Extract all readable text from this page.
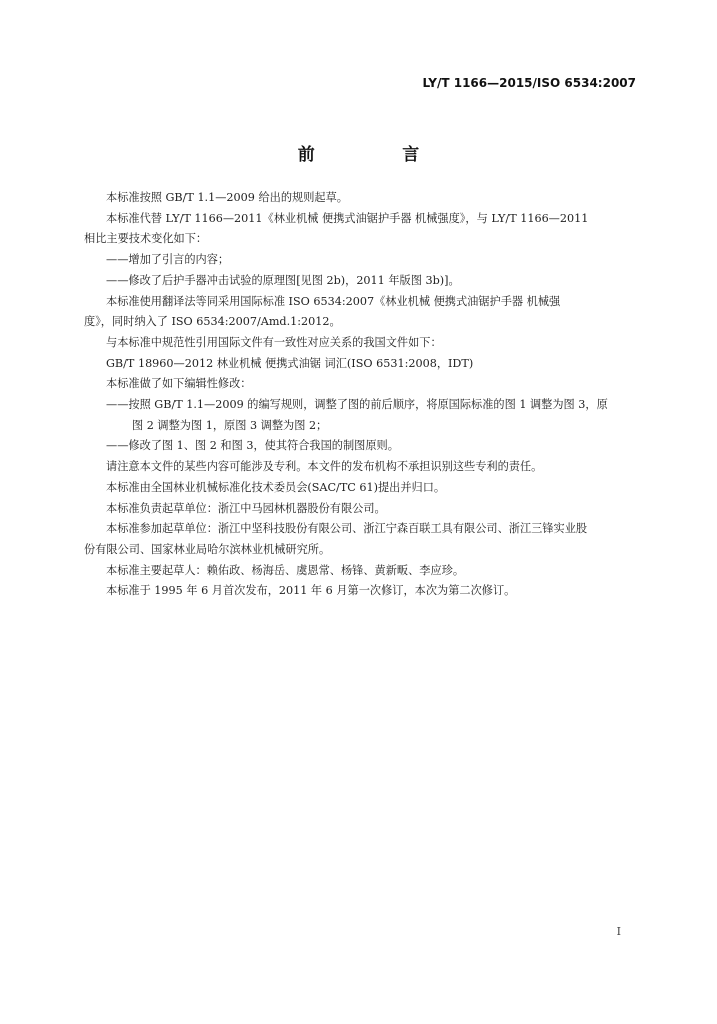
LY/T 1166—2015/ISO 6534:2007
前 言

本标准按照 GB/T 1.1—2009 给出的规则起草。

本标准代替 LY/T 1166—2011《林业机械 便携式油锯护手器 机械强度》，与 LY/T 1166—2011

相比主要技术变化如下：

——增加了引言的内容；

——修改了后护手器冲击试验的原理图[见图 2b)，2011 年版图 3b)]。

本标准使用翻译法等同采用国际标准 ISO 6534:2007《林业机械 便携式油锯护手器 机械强

度》，同时纳入了 ISO 6534:2007/Amd.1:2012。

与本标准中规范性引用国际文件有一致性对应关系的我国文件如下：

GB/T 18960—2012 林业机械 便携式油锯 词汇(ISO 6531:2008，IDT)

本标准做了如下编辑性修改：

——按照 GB/T 1.1—2009 的编写规则，调整了图的前后顺序，将原国际标准的图 1 调整为图 3，原

图 2 调整为图 1，原图 3 调整为图 2；

——修改了图 1、图 2 和图 3，使其符合我国的制图原则。

请注意本文件的某些内容可能涉及专利。本文件的发布机构不承担识别这些专利的责任。

本标准由全国林业机械标准化技术委员会(SAC/TC 61)提出并归口。

本标准负责起草单位：浙江中马园林机器股份有限公司。

本标准参加起草单位：浙江中坚科技股份有限公司、浙江宁森百联工具有限公司、浙江三锋实业股

份有限公司、国家林业局哈尔滨林业机械研究所。

本标准主要起草人：赖佑政、杨海岳、虞恩常、杨锋、黄新畈、李应珍。

本标准于 1995 年 6 月首次发布，2011 年 6 月第一次修订，本次为第二次修订。

I
